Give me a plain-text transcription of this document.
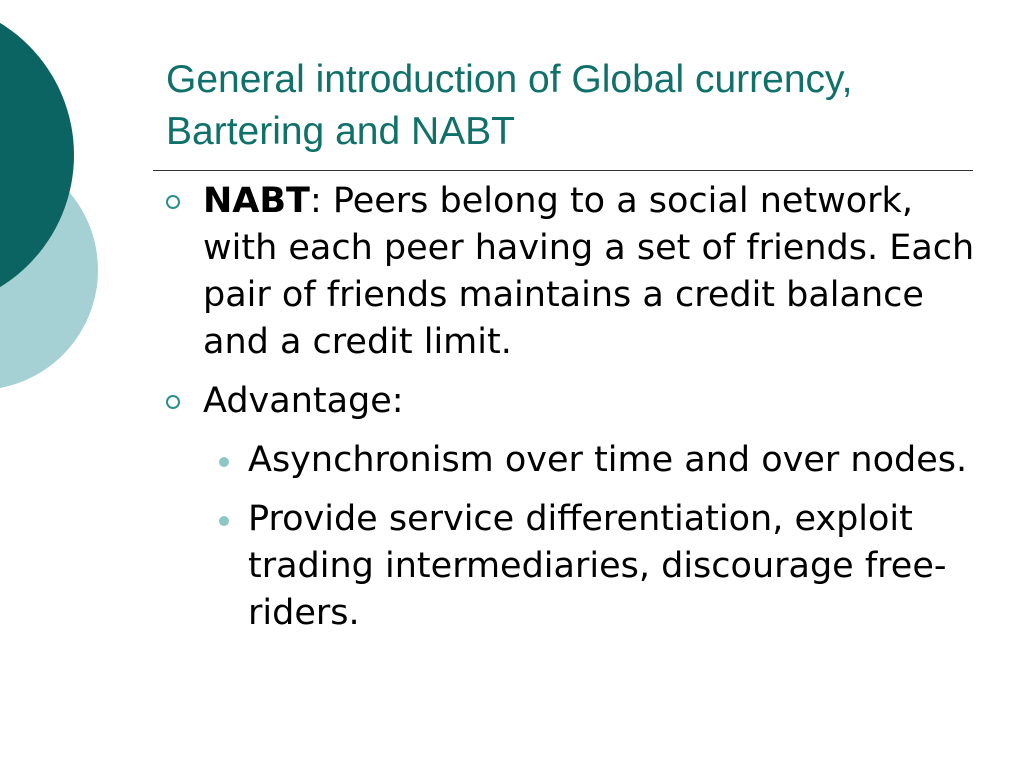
General introduction of Global currency,
Bartering and NABT
NABT: Peers belong to a social network, with each peer having a set of friends. Each pair of friends maintains a credit balance and a credit limit.
Advantage:
Asynchronism over time and over nodes.
Provide service differentiation, exploit trading intermediaries, discourage free-riders.
